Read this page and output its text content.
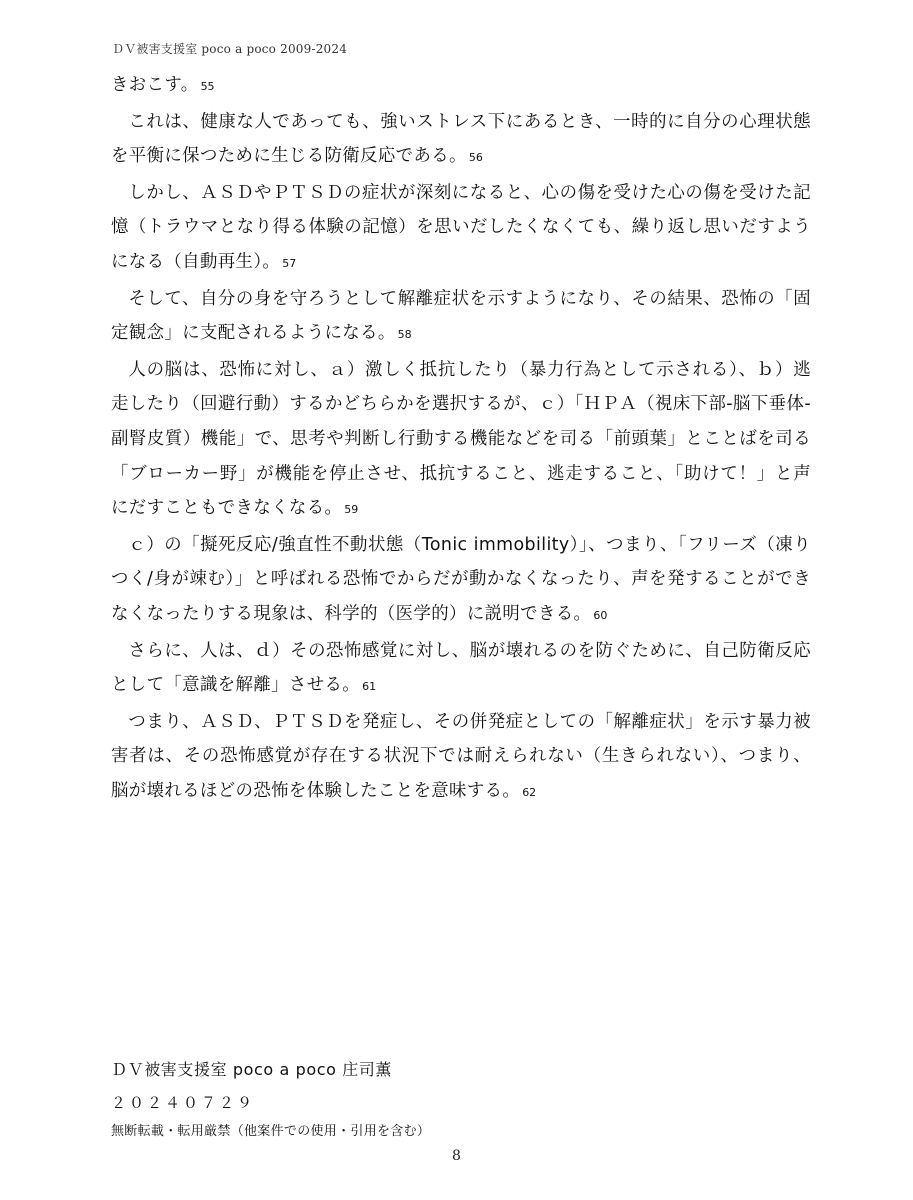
ＤＶ被害支援室 poco a poco 2009-2024

きおこす。 55

これは、健康な人であっても、強いストレス下にあるとき、一時的に自分の心理状態を平衡に保つために生じる防衛反応である。 56

しかし、ＡＳＤやＰＴＳＤの症状が深刻になると、心の傷を受けた心の傷を受けた記憶（トラウマとなり得る体験の記憶）を思いだしたくなくても、繰り返し思いだすようになる（自動再生）。 57

そして、自分の身を守ろうとして解離症状を示すようになり、その結果、恐怖の「固定観念」に支配されるようになる。 58

人の脳は、恐怖に対し、ａ）激しく抵抗したり（暴力行為として示される）、ｂ）逃走したり（回避行動）するかどちらかを選択するが、ｃ）「ＨＰＡ（視床下部-脳下垂体-副腎皮質）機能」で、思考や判断し行動する機能などを司る「前頭葉」とことばを司る「ブローカー野」が機能を停止させ、抵抗すること、逃走すること、「助けて！」と声にだすこともできなくなる。 59

ｃ）の「擬死反応/強直性不動状態（Tonic immobility）」、つまり、「フリーズ（凍りつく/身が竦む）」と呼ばれる恐怖でからだが動かなくなったり、声を発することができなくなったりする現象は、科学的（医学的）に説明できる。 60

さらに、人は、ｄ）その恐怖感覚に対し、脳が壊れるのを防ぐために、自己防衛反応として「意識を解離」させる。 61

つまり、ＡＳＤ、ＰＴＳＤを発症し、その併発症としての「解離症状」を示す暴力被害者は、その恐怖感覚が存在する状況下では耐えられない（生きられない）、つまり、脳が壊れるほどの恐怖を体験したことを意味する。 62

ＤＶ被害支援室 poco a poco 庄司薫
２０２４０７２９
無断転載・転用厳禁（他案件での使用・引用を含む）
8
